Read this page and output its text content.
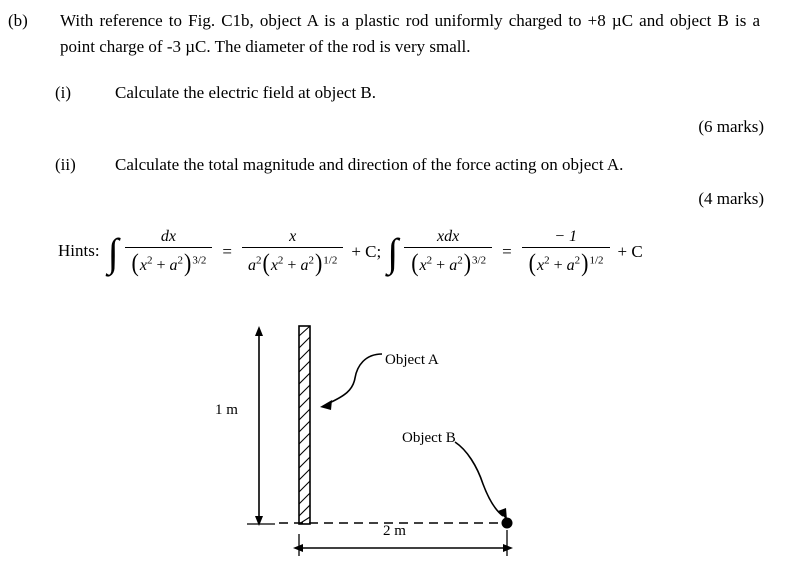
(b)	With reference to Fig. C1b, object A is a plastic rod uniformly charged to +8 µC and object B is a point charge of -3 µC. The diameter of the rod is very small.
(i)	Calculate the electric field at object B.
(6 marks)
(ii)	Calculate the total magnitude and direction of the force acting on object A.
(4 marks)
Hints: ∫ $\frac{dx}{(x^2 + a^2)^{3/2}} = \frac{x}{a^2(x^2 + a^2)^{1/2}} + C$; ∫ $\frac{\text{xdx}}{(x^2 + a^2)^{3/2}} = \frac{- 1}{(x^2 + a^2)^{1/2}} + C$
Object A
Object B
1 m
2 m
